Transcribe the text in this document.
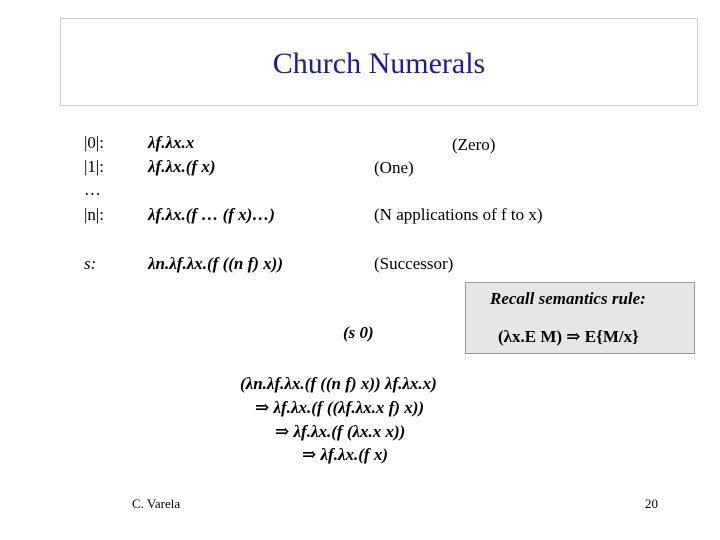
Church Numerals
|0|:	λf.λx.x	(Zero)
|1|:	λf.λx.(f x)	(One)
…
|n|:	λf.λx.(f … (f x)…)	(N applications of f to x)
s:	λn.λf.λx.(f ((n f) x))	(Successor)
Recall semantics rule:
(λx.E M) ⇒ E{M/x}
(s 0)
(λn.λf.λx.(f ((n f) x)) λf.λx.x)
⇒ λf.λx.(f ((λf.λx.x f) x))
⇒ λf.λx.(f (λx.x x))
⇒ λf.λx.(f x)
C. Varela	20
